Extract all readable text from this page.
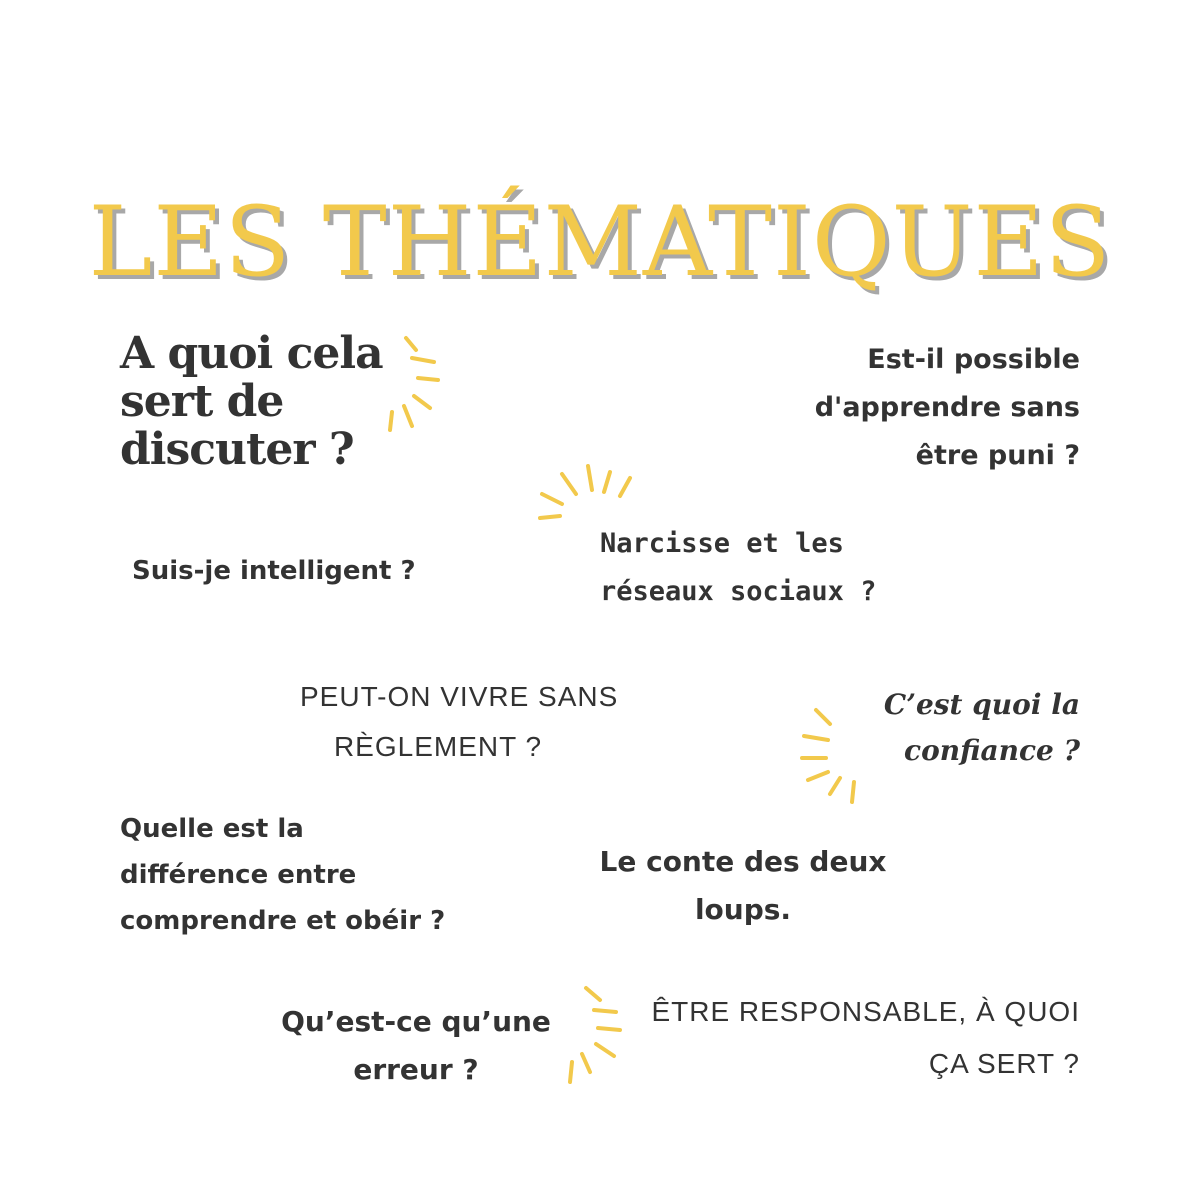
LES THÉMATIQUES
A quoi cela
sert de
discuter ?
Est-il possible
d'apprendre sans
être puni ?
Suis-je intelligent ?
Narcisse et les
réseaux sociaux ?
PEUT-ON VIVRE SANS
RÈGLEMENT ?
C’est quoi la
confiance ?
Quelle est la
différence entre
comprendre et obéir ?
Le conte des deux
loups.
Qu’est-ce qu’une
erreur ?
ÊTRE RESPONSABLE, À QUOI
ÇA SERT ?
